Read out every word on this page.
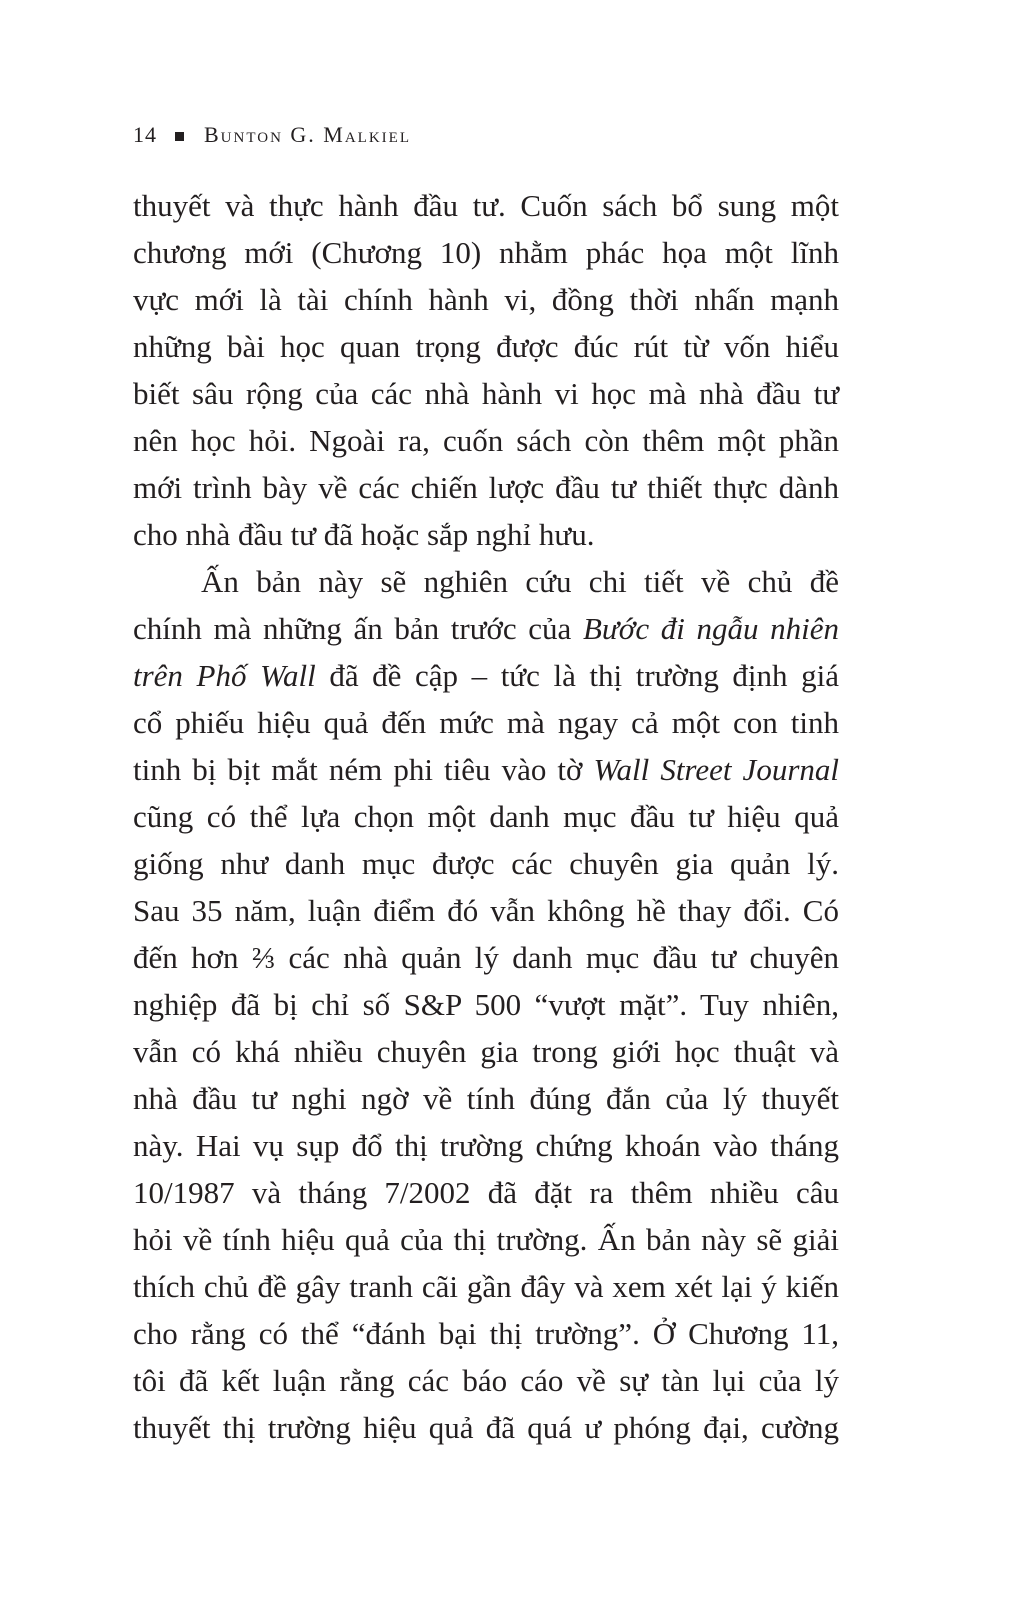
14 Bunton G. Malkiel
thuyết và thực hành đầu tư. Cuốn sách bổ sung một
chương mới (Chương 10) nhằm phác họa một lĩnh
vực mới là tài chính hành vi, đồng thời nhấn mạnh
những bài học quan trọng được đúc rút từ vốn hiểu
biết sâu rộng của các nhà hành vi học mà nhà đầu tư
nên học hỏi. Ngoài ra, cuốn sách còn thêm một phần
mới trình bày về các chiến lược đầu tư thiết thực dành
cho nhà đầu tư đã hoặc sắp nghỉ hưu.
Ấn bản này sẽ nghiên cứu chi tiết về chủ đề
chính mà những ấn bản trước của Bước đi ngẫu nhiên
trên Phố Wall đã đề cập – tức là thị trường định giá
cổ phiếu hiệu quả đến mức mà ngay cả một con tinh
tinh bị bịt mắt ném phi tiêu vào tờ Wall Street Journal
cũng có thể lựa chọn một danh mục đầu tư hiệu quả
giống như danh mục được các chuyên gia quản lý.
Sau 35 năm, luận điểm đó vẫn không hề thay đổi. Có
đến hơn ⅔ các nhà quản lý danh mục đầu tư chuyên
nghiệp đã bị chỉ số S&P 500 “vượt mặt”. Tuy nhiên,
vẫn có khá nhiều chuyên gia trong giới học thuật và
nhà đầu tư nghi ngờ về tính đúng đắn của lý thuyết
này. Hai vụ sụp đổ thị trường chứng khoán vào tháng
10/1987 và tháng 7/2002 đã đặt ra thêm nhiều câu
hỏi về tính hiệu quả của thị trường. Ấn bản này sẽ giải
thích chủ đề gây tranh cãi gần đây và xem xét lại ý kiến
cho rằng có thể “đánh bại thị trường”. Ở Chương 11,
tôi đã kết luận rằng các báo cáo về sự tàn lụi của lý
thuyết thị trường hiệu quả đã quá ư phóng đại, cường
